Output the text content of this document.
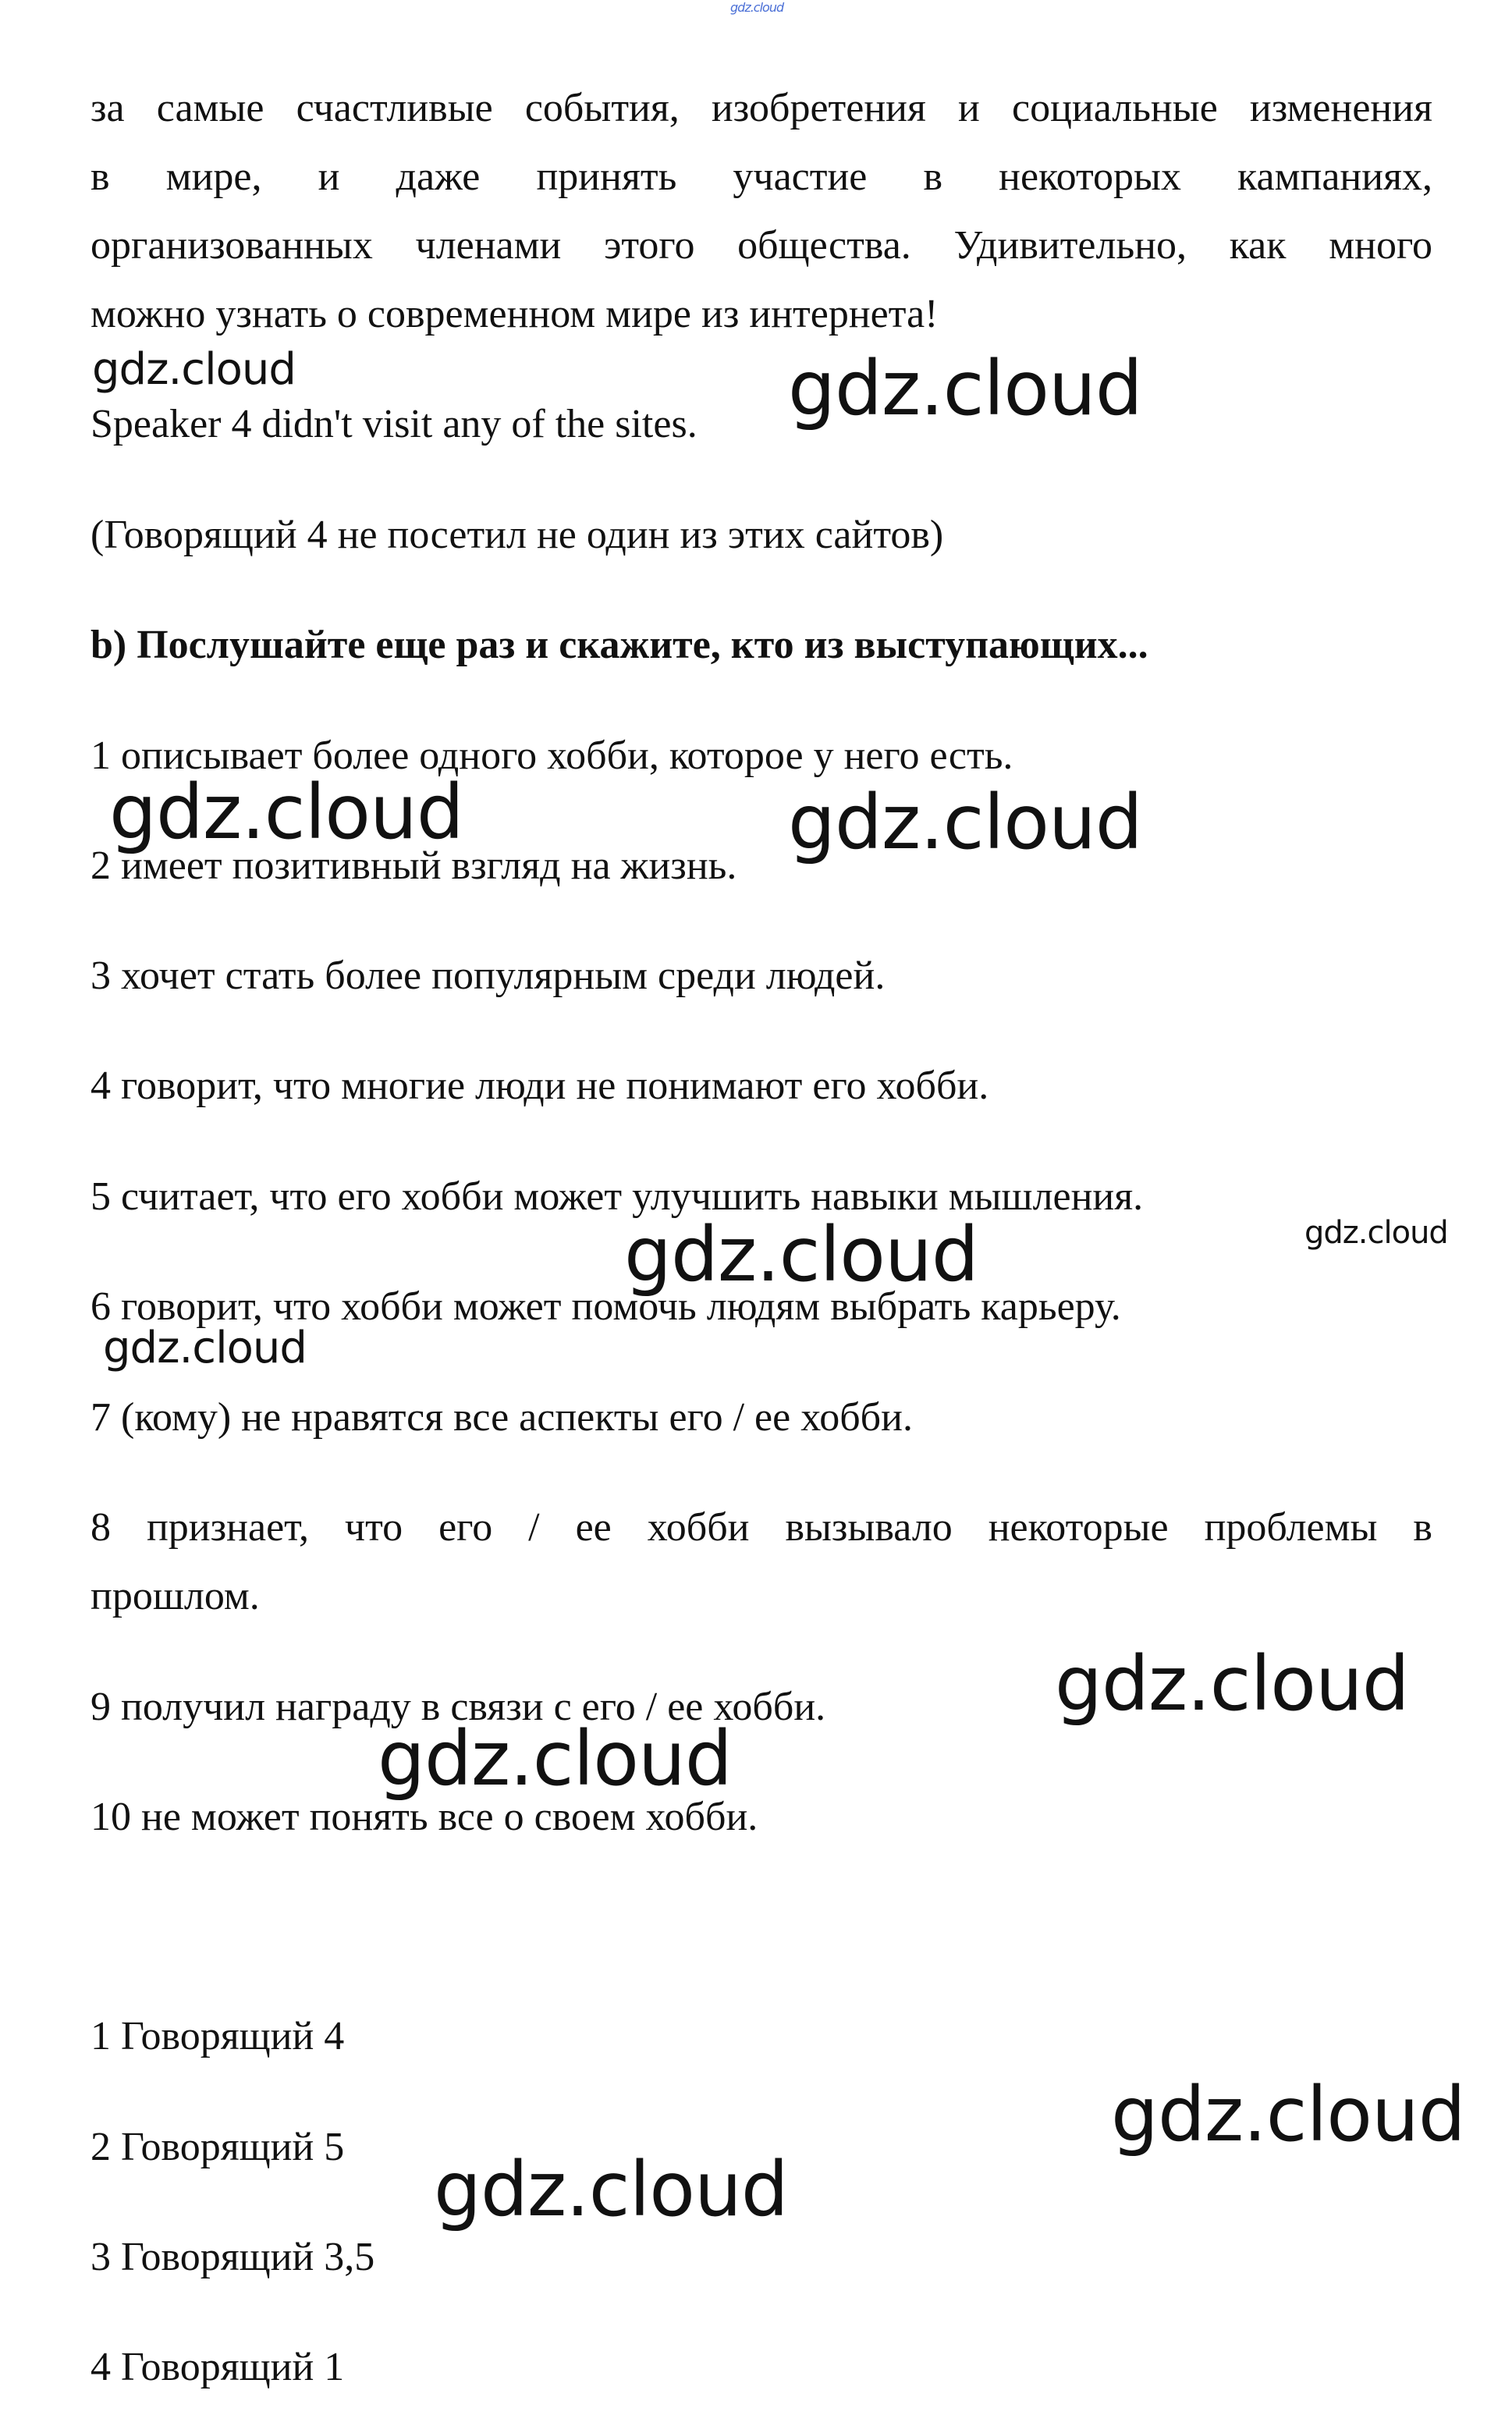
gdz.cloud
за самые счастливые события, изобретения и социальные изменения
в мире, и даже принять участие в некоторых кампаниях,
организованных членами этого общества. Удивительно, как много
можно узнать о современном мире из интернета!
Speaker 4 didn't visit any of the sites.
(Говорящий 4 не посетил не один из этих сайтов)
b) Послушайте еще раз и скажите, кто из выступающих...
1 описывает более одного хобби, которое у него есть.
2 имеет позитивный взгляд на жизнь.
3 хочет стать более популярным среди людей.
4 говорит, что многие люди не понимают его хобби.
5 считает, что его хобби может улучшить навыки мышления.
6 говорит, что хобби может помочь людям выбрать карьеру.
7 (кому) не нравятся все аспекты его / ее хобби.
8 признает, что его / ее хобби вызывало некоторые проблемы в
прошлом.
9 получил награду в связи с его / ее хобби.
10 не может понять все о своем хобби.
1 Говорящий 4
2 Говорящий 5
3 Говорящий 3,5
4 Говорящий 1
gdz.cloud	gdz.cloud
gdz.cloud	gdz.cloud
gdz.cloud	gdz.cloud
gdz.cloud
gdz.cloud
gdz.cloud
gdz.cloud
gdz.cloud
